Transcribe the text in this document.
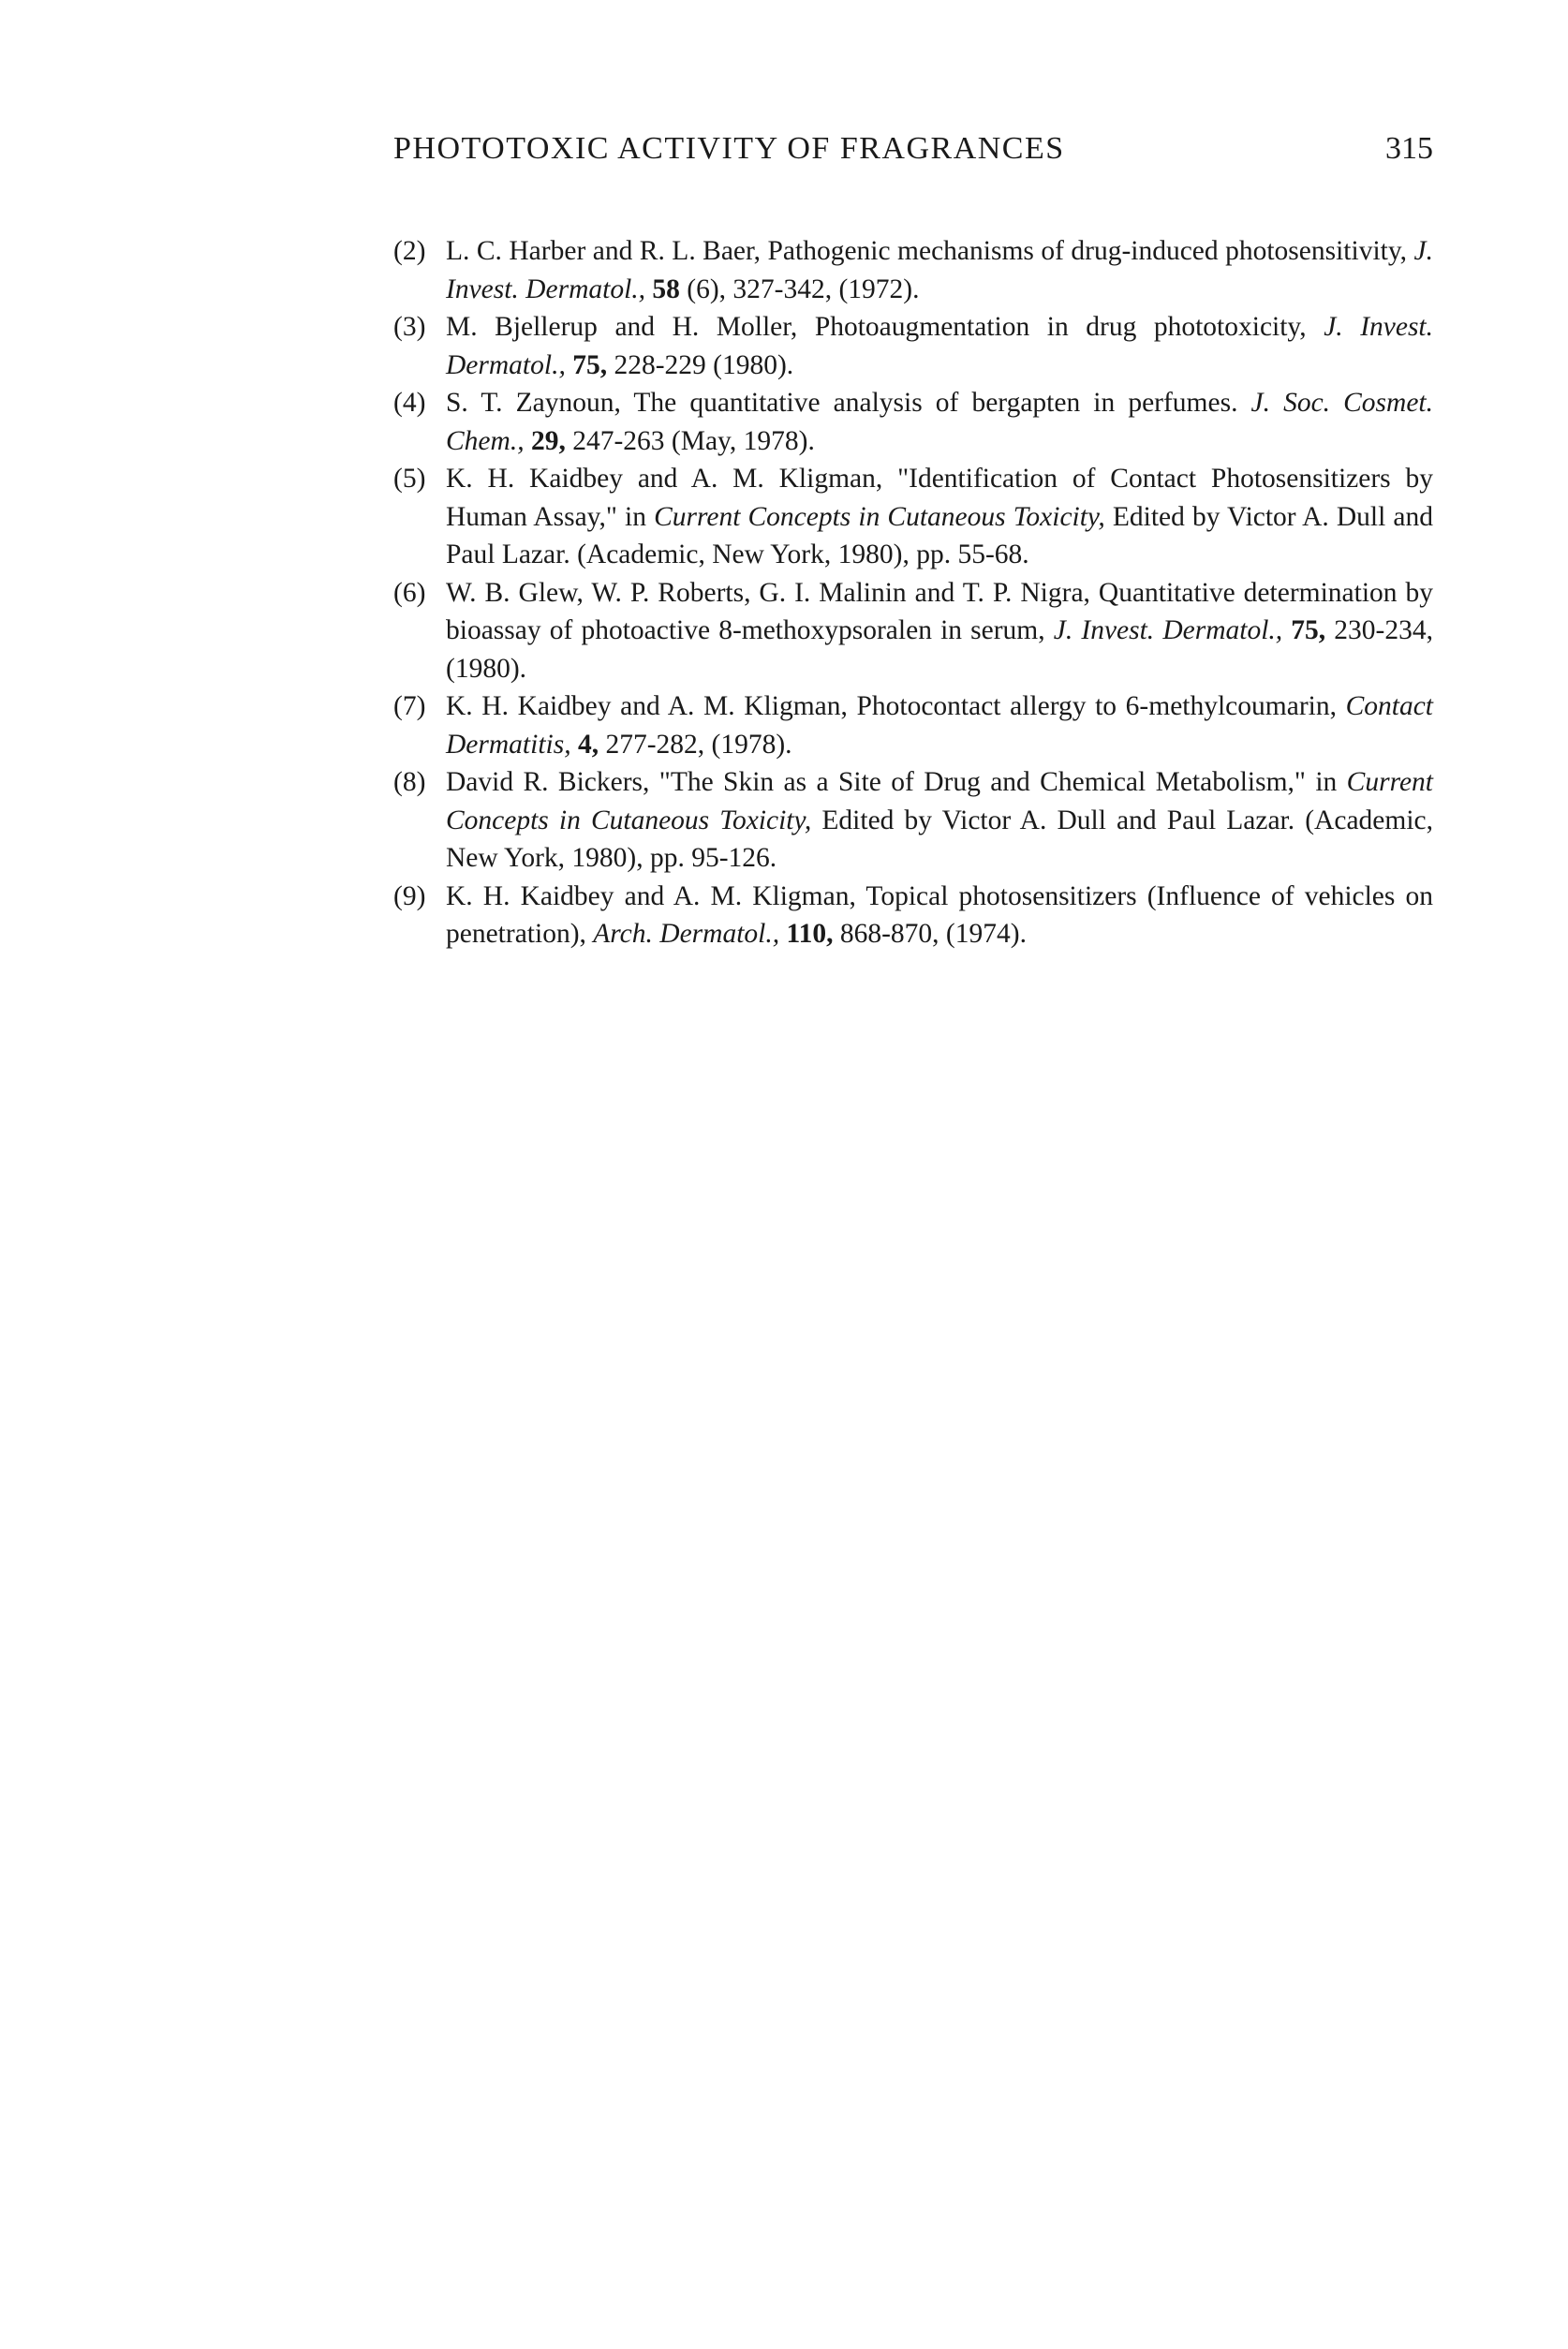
PHOTOTOXIC ACTIVITY OF FRAGRANCES	315
(2) L. C. Harber and R. L. Baer, Pathogenic mechanisms of drug-induced photosensitivity, J. Invest. Dermatol., 58 (6), 327-342, (1972).
(3) M. Bjellerup and H. Moller, Photoaugmentation in drug phototoxicity, J. Invest. Dermatol., 75, 228-229 (1980).
(4) S. T. Zaynoun, The quantitative analysis of bergapten in perfumes. J. Soc. Cosmet. Chem., 29, 247-263 (May, 1978).
(5) K. H. Kaidbey and A. M. Kligman, "Identification of Contact Photosensitizers by Human Assay," in Current Concepts in Cutaneous Toxicity, Edited by Victor A. Dull and Paul Lazar. (Academic, New York, 1980), pp. 55-68.
(6) W. B. Glew, W. P. Roberts, G. I. Malinin and T. P. Nigra, Quantitative determination by bioassay of photoactive 8-methoxypsoralen in serum, J. Invest. Dermatol., 75, 230-234, (1980).
(7) K. H. Kaidbey and A. M. Kligman, Photocontact allergy to 6-methylcoumarin, Contact Dermatitis, 4, 277-282, (1978).
(8) David R. Bickers, "The Skin as a Site of Drug and Chemical Metabolism," in Current Concepts in Cutaneous Toxicity, Edited by Victor A. Dull and Paul Lazar. (Academic, New York, 1980), pp. 95-126.
(9) K. H. Kaidbey and A. M. Kligman, Topical photosensitizers (Influence of vehicles on penetration), Arch. Dermatol., 110, 868-870, (1974).
